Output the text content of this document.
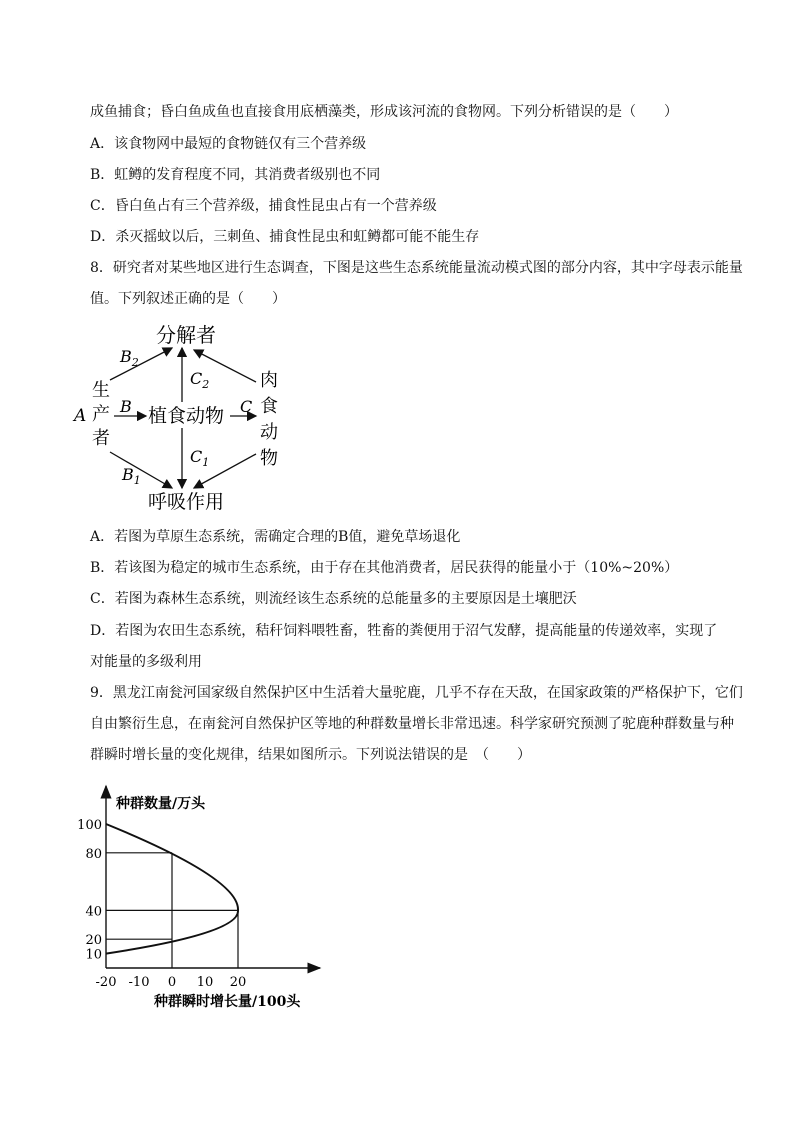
成鱼捕食；昏白鱼成鱼也直接食用底栖藻类，形成该河流的食物网。下列分析错误的是（　　）
A．该食物网中最短的食物链仅有三个营养级
B．虹鳟的发育程度不同，其消费者级别也不同
C．昏白鱼占有三个营养级，捕食性昆虫占有一个营养级
D．杀灭摇蚊以后，三刺鱼、捕食性昆虫和虹鳟都可能不能生存
8．研究者对某些地区进行生态调查，下图是这些生态系统能量流动模式图的部分内容，其中字母表示能量
值。下列叙述正确的是（　　）
分解者
生
产
者
植食动物
肉
食
动
物
呼吸作用
A B
$B_2$
$C_2$
C
$C_1$
$B_1$
A．若图为草原生态系统，需确定合理的B值，避免草场退化
B．若该图为稳定的城市生态系统，由于存在其他消费者，居民获得的能量小于（10%~20%）
C．若图为森林生态系统，则流经该生态系统的总能量多的主要原因是土壤肥沃
D．若图为农田生态系统，秸秆饲料喂牲畜，牲畜的粪便用于沼气发酵，提高能量的传递效率，实现了
对能量的多级利用
9．黑龙江南瓮河国家级自然保护区中生活着大量驼鹿，几乎不存在天敌，在国家政策的严格保护下，它们
自由繁衍生息，在南瓮河自然保护区等地的种群数量增长非常迅速。科学家研究预测了驼鹿种群数量与种
群瞬时增长量的变化规律，结果如图所示。下列说法错误的是　（　　）
10
20
40
80
100
-20 -10 0 10 20
种群数量/万头
种群瞬时增长量/100头
